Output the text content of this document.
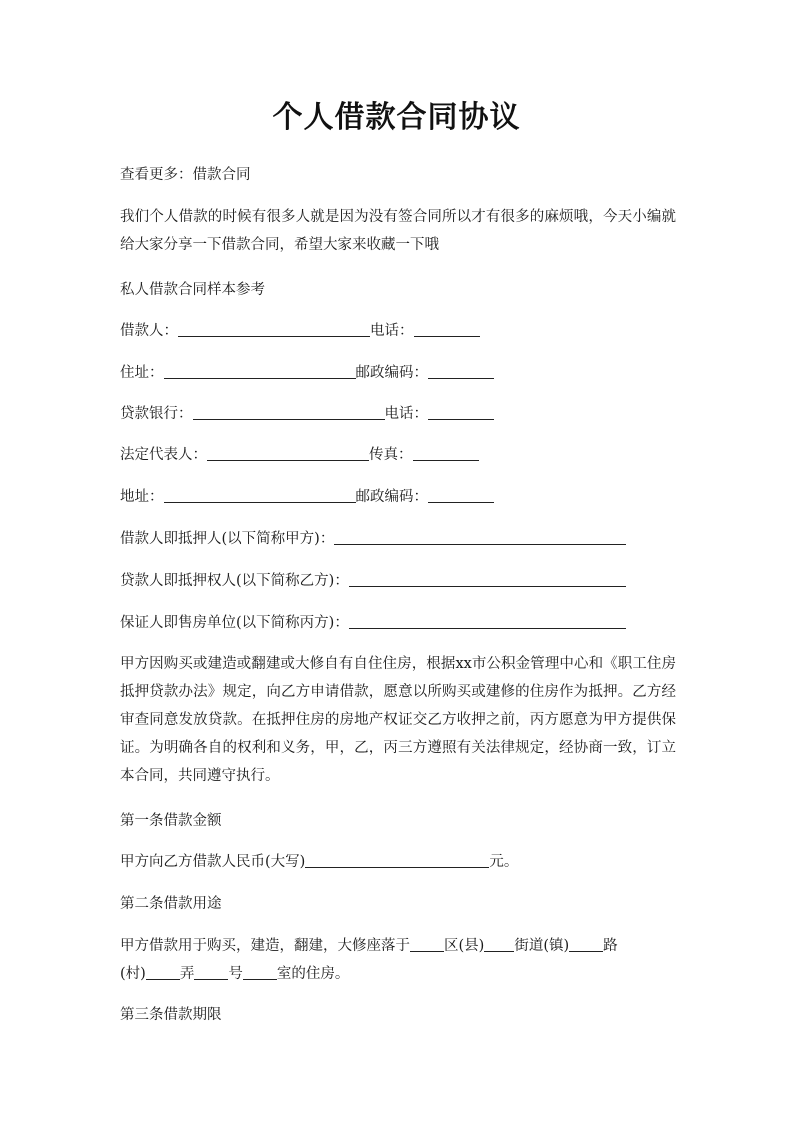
个人借款合同协议
查看更多：借款合同
我们个人借款的时候有很多人就是因为没有签合同所以才有很多的麻烦哦，今天小编就给大家分享一下借款合同，希望大家来收藏一下哦
私人借款合同样本参考
借款人：	电话：
住址：	邮政编码：
贷款银行：	电话：
法定代表人：	传真：
地址：	邮政编码：
借款人即抵押人(以下简称甲方)：
贷款人即抵押权人(以下简称乙方)：
保证人即售房单位(以下简称丙方)：
甲方因购买或建造或翻建或大修自有自住住房，根据xx市公积金管理中心和《职工住房抵押贷款办法》规定，向乙方申请借款，愿意以所购买或建修的住房作为抵押。乙方经审查同意发放贷款。在抵押住房的房地产权证交乙方收押之前，丙方愿意为甲方提供保证。为明确各自的权利和义务，甲，乙，丙三方遵照有关法律规定，经协商一致，订立本合同，共同遵守执行。
第一条借款金额
甲方向乙方借款人民币(大写)	元。
第二条借款用途
甲方借款用于购买，建造，翻建，大修座落于 区(县) 街道(镇) 路
(村) 弄 号 室的住房。
第三条借款期限
